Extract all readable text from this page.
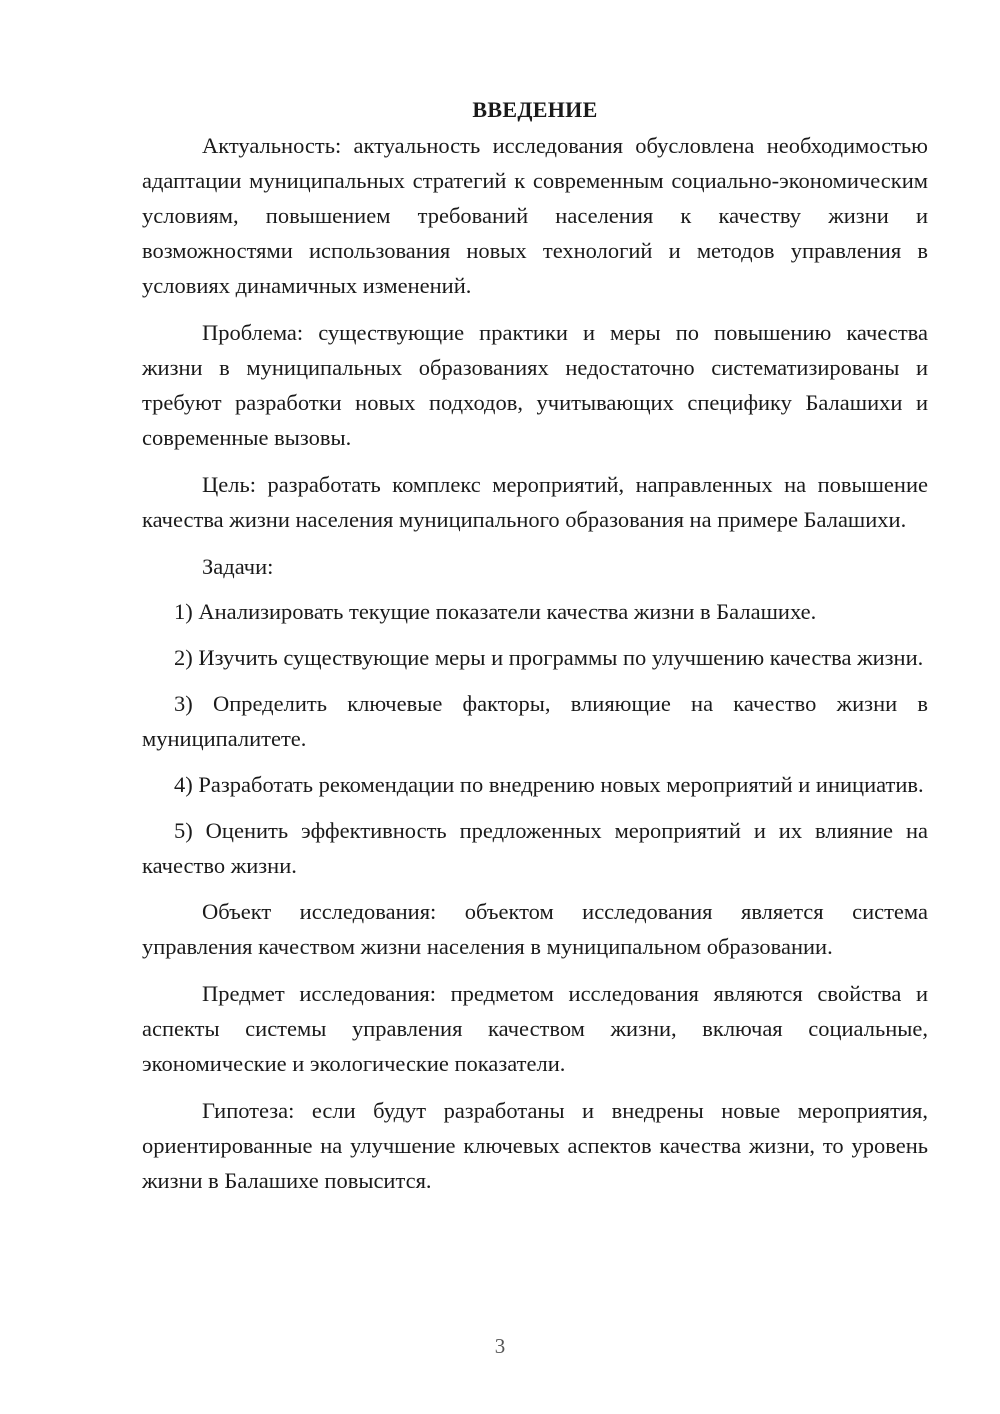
ВВЕДЕНИЕ

Актуальность: актуальность исследования обусловлена необходимостью адаптации муниципальных стратегий к современным социально-экономическим условиям, повышением требований населения к качеству жизни и возможностями использования новых технологий и методов управления в условиях динамичных изменений.

Проблема: существующие практики и меры по повышению качества жизни в муниципальных образованиях недостаточно систематизированы и требуют разработки новых подходов, учитывающих специфику Балашихи и современные вызовы.

Цель: разработать комплекс мероприятий, направленных на повышение качества жизни населения муниципального образования на примере Балашихи.

Задачи:

1) Анализировать текущие показатели качества жизни в Балашихе.

2) Изучить существующие меры и программы по улучшению качества жизни.

3) Определить ключевые факторы, влияющие на качество жизни в муниципалитете.

4) Разработать рекомендации по внедрению новых мероприятий и инициатив.

5) Оценить эффективность предложенных мероприятий и их влияние на качество жизни.

Объект исследования: объектом исследования является система управления качеством жизни населения в муниципальном образовании.

Предмет исследования: предметом исследования являются свойства и аспекты системы управления качеством жизни, включая социальные, экономические и экологические показатели.

Гипотеза: если будут разработаны и внедрены новые мероприятия, ориентированные на улучшение ключевых аспектов качества жизни, то уровень жизни в Балашихе повысится.

3
